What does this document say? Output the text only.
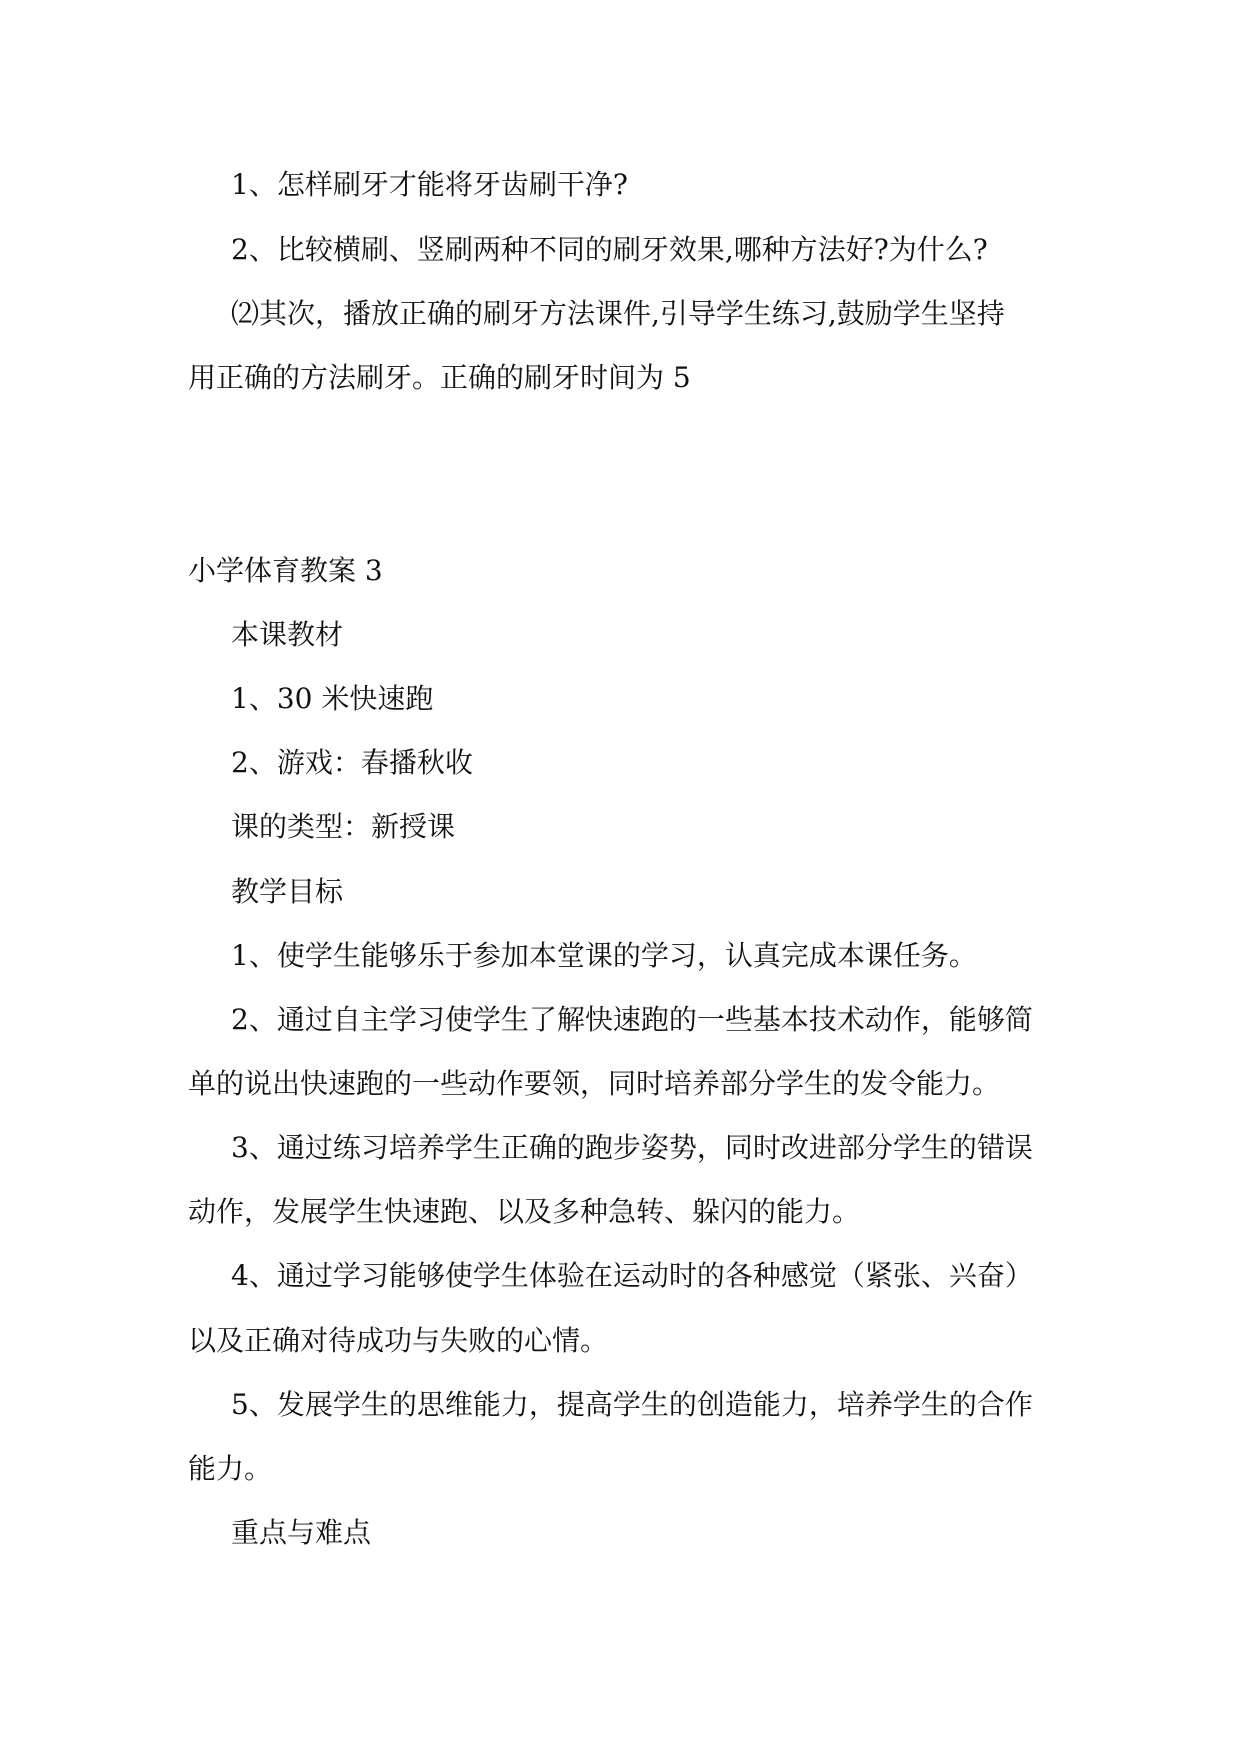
1、怎样刷牙才能将牙齿刷干净?
2、比较横刷、竖刷两种不同的刷牙效果,哪种方法好?为什么?
⑵其次，播放正确的刷牙方法课件,引导学生练习,鼓励学生坚持
用正确的方法刷牙。正确的刷牙时间为 5
小学体育教案 3
本课教材
1、30 米快速跑
2、游戏：春播秋收
课的类型：新授课
教学目标
1、使学生能够乐于参加本堂课的学习，认真完成本课任务。
2、通过自主学习使学生了解快速跑的一些基本技术动作，能够简
单的说出快速跑的一些动作要领，同时培养部分学生的发令能力。
3、通过练习培养学生正确的跑步姿势，同时改进部分学生的错误
动作，发展学生快速跑、以及多种急转、躲闪的能力。
4、通过学习能够使学生体验在运动时的各种感觉（紧张、兴奋）
以及正确对待成功与失败的心情。
5、发展学生的思维能力，提高学生的创造能力，培养学生的合作
能力。
重点与难点
